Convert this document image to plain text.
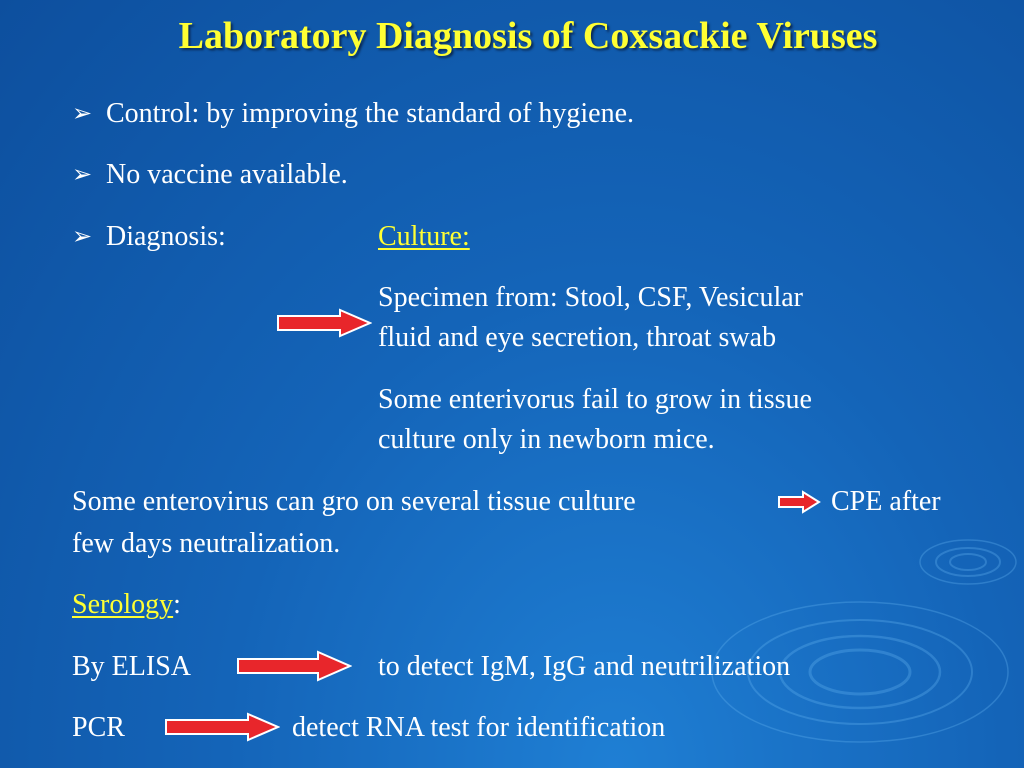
Laboratory Diagnosis of Coxsackie Viruses
➢ Control: by improving the standard of hygiene.
➢ No vaccine available.
➢ Diagnosis:	Culture:
Specimen from: Stool, CSF, Vesicular
fluid and eye secretion, throat swab
Some enterivorus fail to grow in tissue
culture only in newborn mice.
Some enterovirus can gro on several tissue culture	CPE after
few days neutralization.
Serology:
By ELISA	to detect IgM, IgG and neutrilization
PCR	detect RNA test for identification
